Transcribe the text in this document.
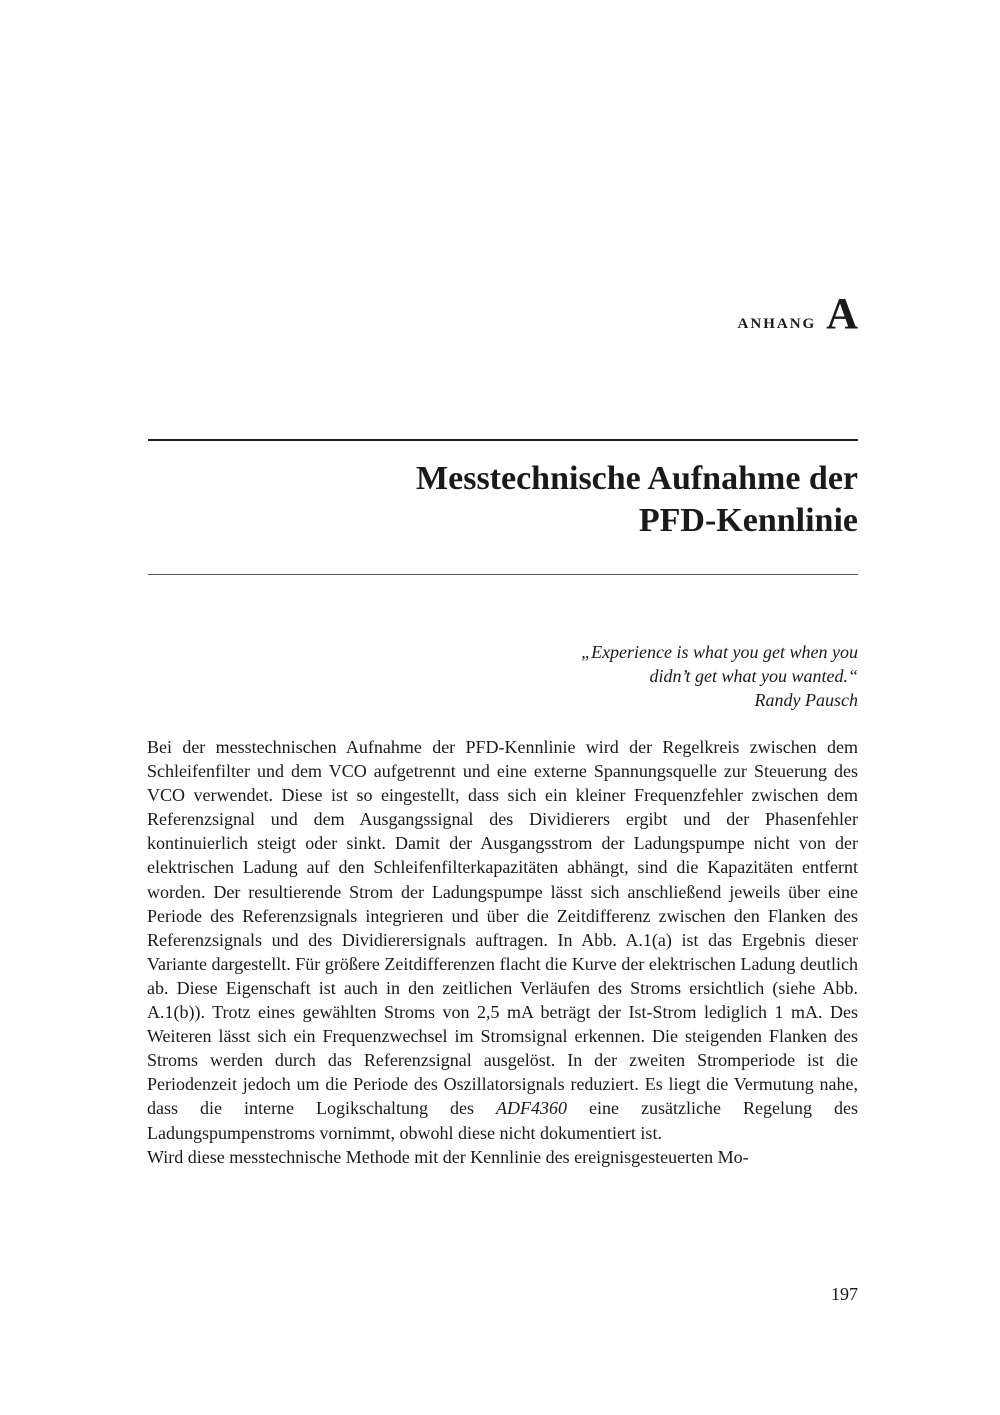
anhang A
Messtechnische Aufnahme der
PFD-Kennlinie
„Experience is what you get when you
didn’t get what you wanted.“
Randy Pausch

Bei der messtechnischen Aufnahme der PFD-Kennlinie wird der Regelkreis zwischen dem Schleifenfilter und dem VCO aufgetrennt und eine externe Spannungsquelle zur Steuerung des VCO verwendet. Diese ist so eingestellt, dass sich ein kleiner Frequenzfehler zwischen dem Referenzsignal und dem Ausgangssignal des Dividierers ergibt und der Phasenfehler kontinuierlich steigt oder sinkt. Damit der Ausgangsstrom der Ladungspumpe nicht von der elektrischen Ladung auf den Schleifenfilterkapazitäten abhängt, sind die Kapazitäten entfernt worden. Der resultierende Strom der Ladungspumpe lässt sich anschließend jeweils über eine Periode des Referenzsignals integrieren und über die Zeitdifferenz zwischen den Flanken des Referenzsignals und des Dividierersignals auftragen. In Abb. A.1(a) ist das Ergebnis dieser Variante dargestellt. Für größere Zeitdifferenzen flacht die Kurve der elektrischen Ladung deutlich ab. Diese Eigenschaft ist auch in den zeitlichen Verläufen des Stroms ersichtlich (siehe Abb. A.1(b)). Trotz eines gewählten Stroms von 2,5 mA beträgt der Ist-Strom lediglich 1 mA. Des Weiteren lässt sich ein Frequenzwechsel im Stromsignal erkennen. Die steigenden Flanken des Stroms werden durch das Referenzsignal ausgelöst. In der zweiten Stromperiode ist die Periodenzeit jedoch um die Periode des Oszillatorsignals reduziert. Es liegt die Vermutung nahe, dass die interne Logikschaltung des ADF4360 eine zusätzliche Regelung des Ladungspumpenstroms vornimmt, obwohl diese nicht dokumentiert ist.

Wird diese messtechnische Methode mit der Kennlinie des ereignisgesteuerten Mo-

197
